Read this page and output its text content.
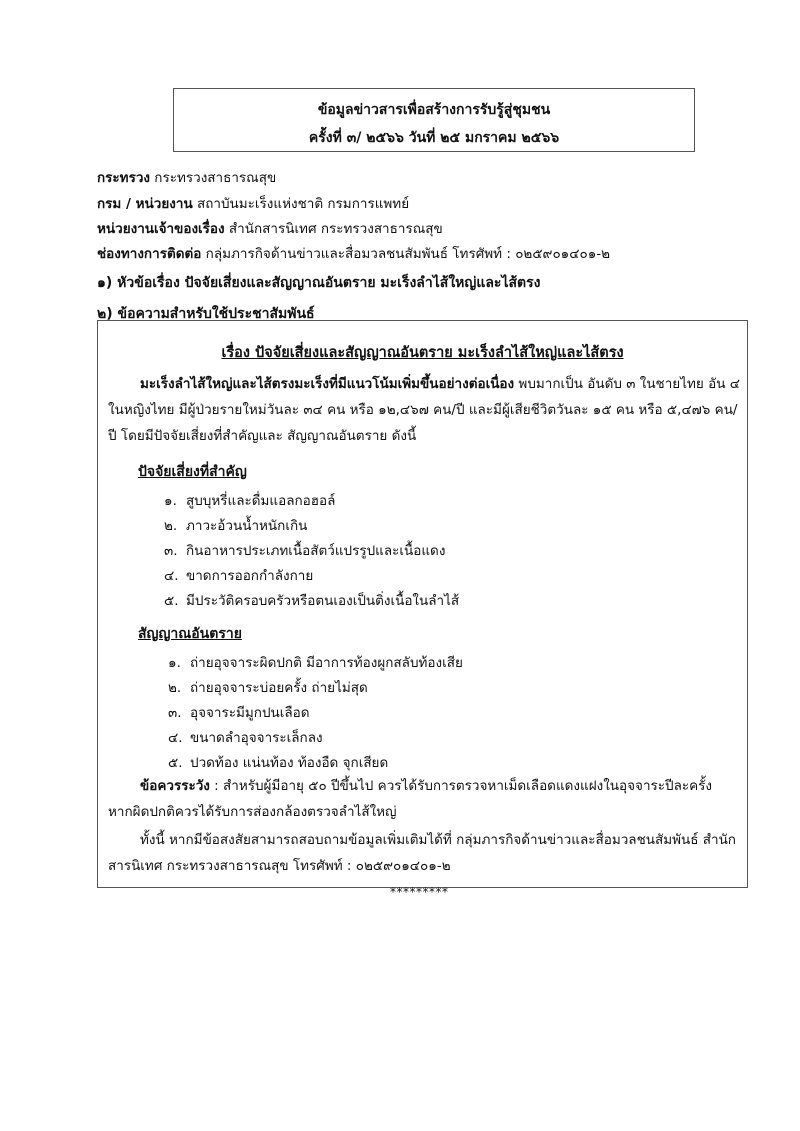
ข้อมูลข่าวสารเพื่อสร้างการรับรู้สู่ชุมชน
ครั้งที่ ๓/ ๒๕๖๖ วันที่ ๒๕ มกราคม ๒๕๖๖
กระทรวง กระทรวงสาธารณสุข
กรม / หน่วยงาน สถาบันมะเร็งแห่งชาติ กรมการแพทย์
หน่วยงานเจ้าของเรื่อง สำนักสารนิเทศ กระทรวงสาธารณสุข
ช่องทางการติดต่อ กลุ่มภารกิจด้านข่าวและสื่อมวลชนสัมพันธ์ โทรศัพท์ : ๐๒๕๙๐๑๔๐๑-๒
๑) หัวข้อเรื่อง ปัจจัยเสี่ยงและสัญญาณอันตราย มะเร็งลำไส้ใหญ่และไส้ตรง
๒) ข้อความสำหรับใช้ประชาสัมพันธ์
เรื่อง ปัจจัยเสี่ยงและสัญญาณอันตราย มะเร็งลำไส้ใหญ่และไส้ตรง
มะเร็งลำไส้ใหญ่และไส้ตรงมะเร็งที่มีแนวโน้มเพิ่มขึ้นอย่างต่อเนื่อง พบมากเป็น อันดับ ๓ ในชายไทย อัน ๔ ในหญิงไทย มีผู้ป่วยรายใหม่วันละ ๓๔ คน หรือ ๑๒,๔๖๗ คน/ปี และมีผู้เสียชีวิตวันละ ๑๕ คน หรือ ๕,๔๗๖ คน/ปี โดยมีปัจจัยเสี่ยงที่สำคัญและ สัญญาณอันตราย ดังนี้
ปัจจัยเสี่ยงที่สำคัญ
๑. สูบบุหรี่และดื่มแอลกอฮอล์
๒. ภาวะอ้วนน้ำหนักเกิน
๓. กินอาหารประเภทเนื้อสัตว์แปรรูปและเนื้อแดง
๔. ขาดการออกกำลังกาย
๕. มีประวัติครอบครัวหรือตนเองเป็นติ่งเนื้อในลำไส้
สัญญาณอันตราย
๑. ถ่ายอุจจาระผิดปกติ มีอาการท้องผูกสลับท้องเสีย
๒. ถ่ายอุจจาระบ่อยครั้ง ถ่ายไม่สุด
๓. อุจจาระมีมูกปนเลือด
๔. ขนาดลำอุจจาระเล็กลง
๕. ปวดท้อง แน่นท้อง ท้องอืด จุกเสียด
ข้อควรระวัง : สำหรับผู้มีอายุ ๕๐ ปีขึ้นไป ควรได้รับการตรวจหาเม็ดเลือดแดงแฝงในอุจจาระปีละครั้ง หากผิดปกติควรได้รับการส่องกล้องตรวจลำไส้ใหญ่
ทั้งนี้ หากมีข้อสงสัยสามารถสอบถามข้อมูลเพิ่มเติมได้ที่ กลุ่มภารกิจด้านข่าวและสื่อมวลชนสัมพันธ์ สำนักสารนิเทศ กระทรวงสาธารณสุข โทรศัพท์ : ๐๒๕๙๐๑๔๐๑-๒
*********
